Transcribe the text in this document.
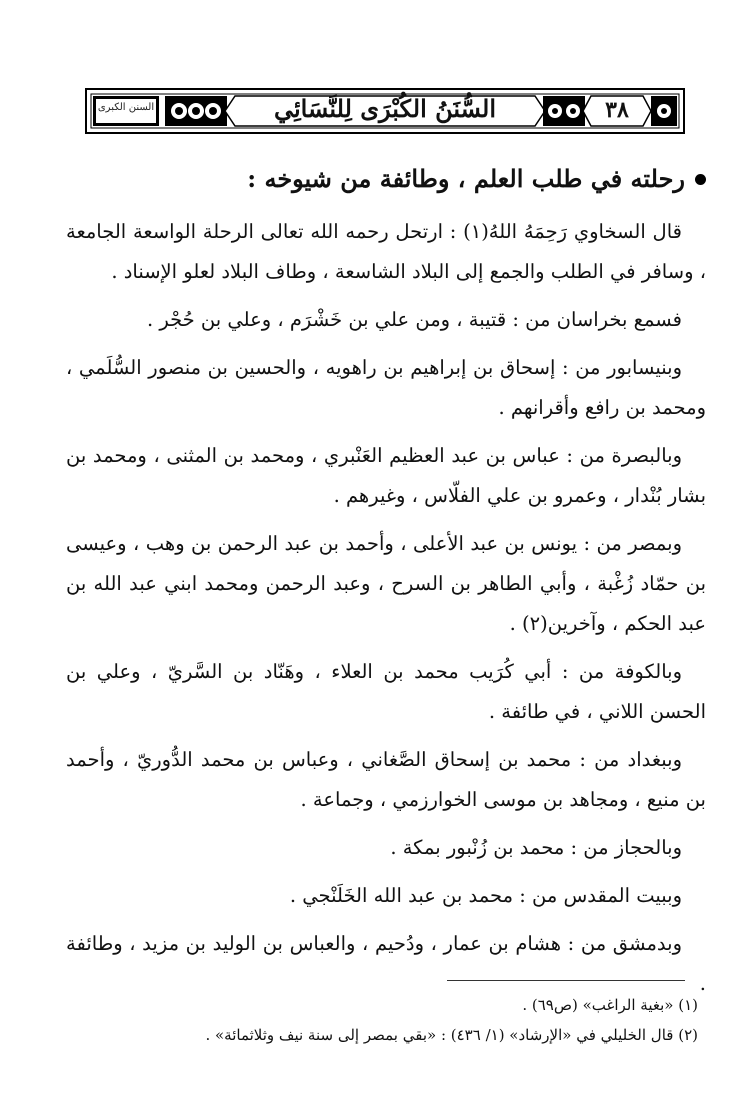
السنن الكبرى	السُّنَنُ الكُبْرَى لِلنَّسَائِي	٣٨
رحلته في طلب العلم ، وطائفة من شيوخه :

قال السخاوي رَحِمَهُ اللهُ(١) : ارتحل رحمه الله تعالى الرحلة الواسعة الجامعة ، وسافر في الطلب والجمع إلى البلاد الشاسعة ، وطاف البلاد لعلو الإسناد .

فسمع بخراسان من : قتيبة ، ومن علي بن خَشْرَم ، وعلي بن حُجْر .

وبنيسابور من : إسحاق بن إبراهيم بن راهويه ، والحسين بن منصور السُّلَمي ، ومحمد بن رافع وأقرانهم .

وبالبصرة من : عباس بن عبد العظيم العَنْبري ، ومحمد بن المثنى ، ومحمد بن بشار بُنْدار ، وعمرو بن علي الفلّاس ، وغيرهم .

وبمصر من : يونس بن عبد الأعلى ، وأحمد بن عبد الرحمن بن وهب ، وعيسى بن حمّاد زُغْبة ، وأبي الطاهر بن السرح ، وعبد الرحمن ومحمد ابني عبد الله بن عبد الحكم ، وآخرين(٢) .

وبالكوفة من : أبي كُرَيب محمد بن العلاء ، وهَنّاد بن السَّريّ ، وعلي بن الحسن اللاني ، في طائفة .

وببغداد من : محمد بن إسحاق الصَّغاني ، وعباس بن محمد الدُّوريّ ، وأحمد بن منيع ، ومجاهد بن موسى الخوارزمي ، وجماعة .

وبالحجاز من : محمد بن زُنْبور بمكة .

وببيت المقدس من : محمد بن عبد الله الخَلَنْجي .

وبدمشق من : هشام بن عمار ، ودُحيم ، والعباس بن الوليد بن مزيد ، وطائفة .

(١) «بغية الراغب» (ص٦٩) .
(٢) قال الخليلي في «الإرشاد» (١/ ٤٣٦) : «بقي بمصر إلى سنة نيف وثلاثمائة» .
